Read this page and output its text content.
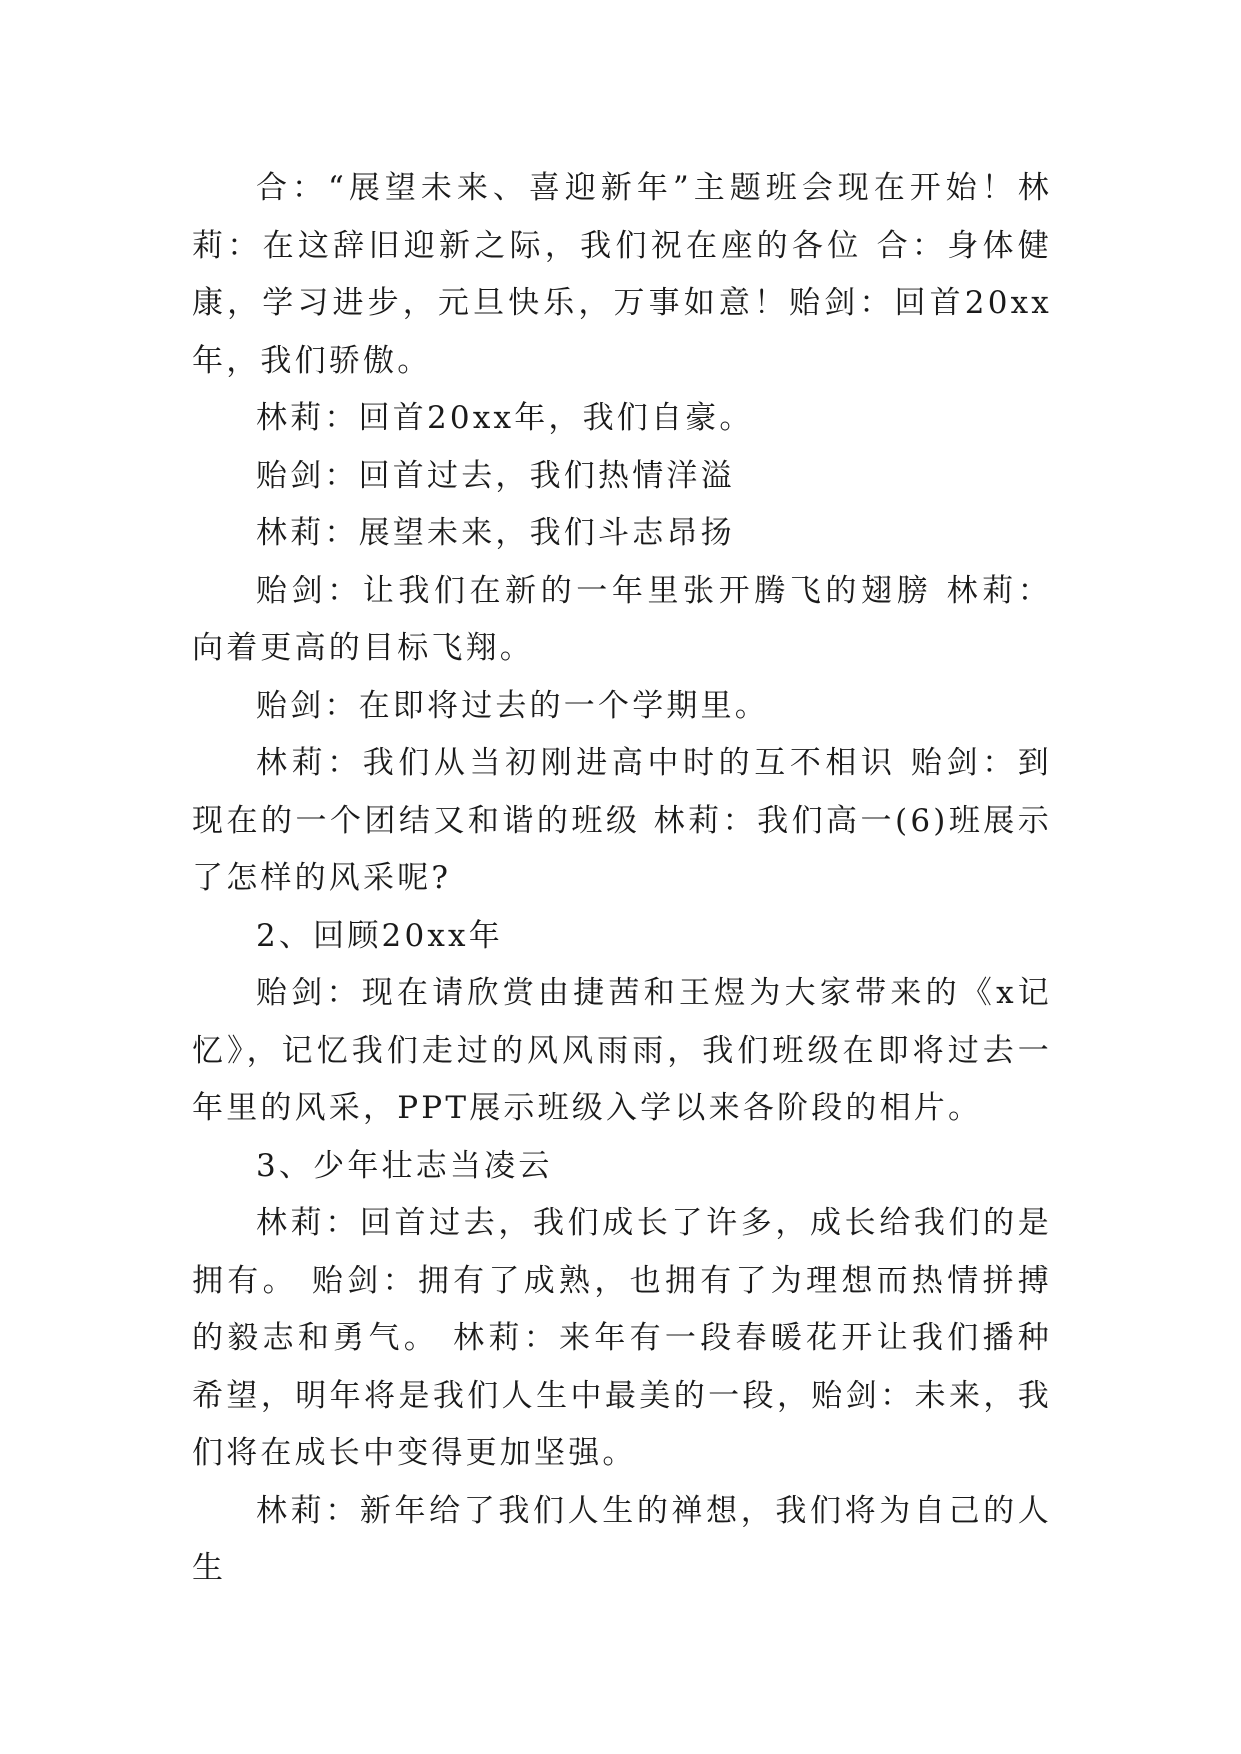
合：“展望未来、喜迎新年”主题班会现在开始！林莉：在这辞旧迎新之际，我们祝在座的各位 合：身体健康，学习进步，元旦快乐，万事如意！贻剑：回首20xx年，我们骄傲。

林莉：回首20xx年，我们自豪。

贻剑：回首过去，我们热情洋溢

林莉：展望未来，我们斗志昂扬

贻剑：让我们在新的一年里张开腾飞的翅膀 林莉：向着更高的目标飞翔。

贻剑：在即将过去的一个学期里。

林莉：我们从当初刚进高中时的互不相识 贻剑：到现在的一个团结又和谐的班级 林莉：我们高一(6)班展示了怎样的风采呢?

2、回顾20xx年

贻剑：现在请欣赏由捷茜和王煜为大家带来的《x记忆》，记忆我们走过的风风雨雨，我们班级在即将过去一年里的风采，PPT展示班级入学以来各阶段的相片。

3、少年壮志当凌云

林莉：回首过去，我们成长了许多，成长给我们的是拥有。 贻剑：拥有了成熟，也拥有了为理想而热情拼搏的毅志和勇气。 林莉：来年有一段春暖花开让我们播种希望，明年将是我们人生中最美的一段，贻剑：未来，我们将在成长中变得更加坚强。

林莉：新年给了我们人生的禅想，我们将为自己的人生
